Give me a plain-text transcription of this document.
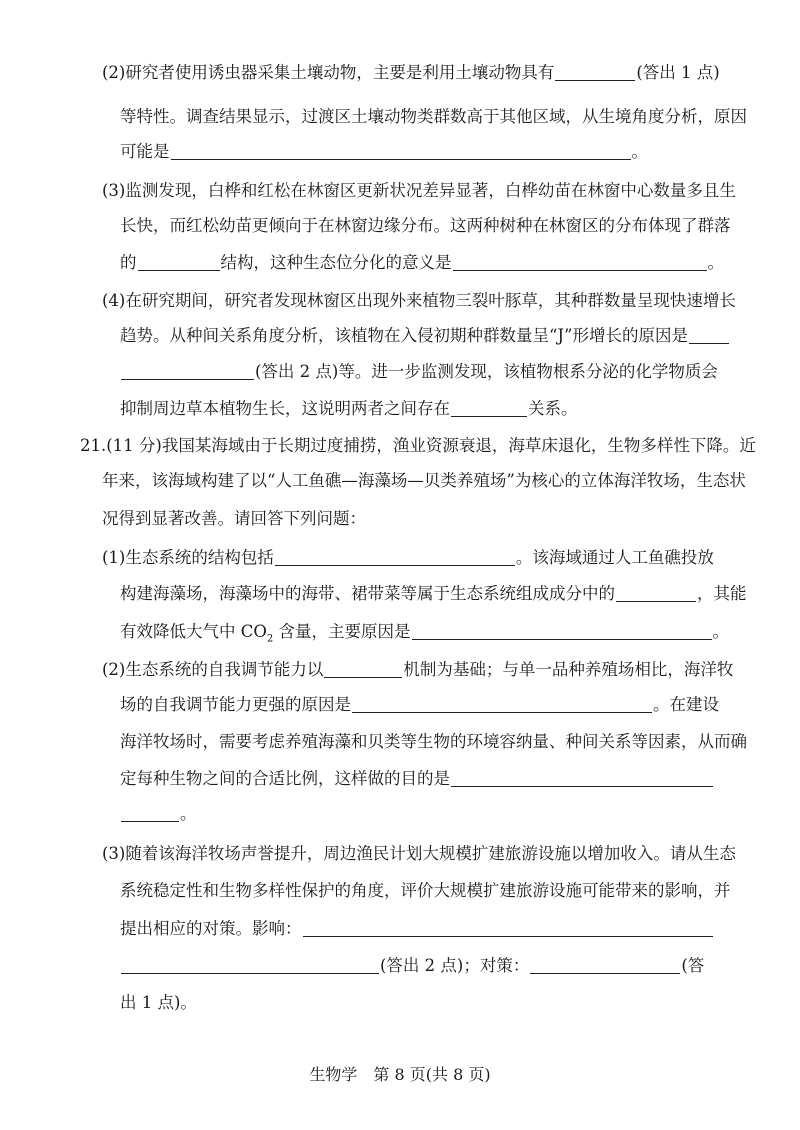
(2)研究者使用诱虫器采集土壤动物，主要是利用土壤动物具有	(答出 1 点)
等特性。调查结果显示，过渡区土壤动物类群数高于其他区域，从生境角度分析，原因
可能是	。
(3)监测发现，白桦和红松在林窗区更新状况差异显著，白桦幼苗在林窗中心数量多且生
长快，而红松幼苗更倾向于在林窗边缘分布。这两种树种在林窗区的分布体现了群落
的	结构，这种生态位分化的意义是	。
(4)在研究期间，研究者发现林窗区出现外来植物三裂叶豚草，其种群数量呈现快速增长
趋势。从种间关系角度分析，该植物在入侵初期种群数量呈“J”形增长的原因是
(答出 2 点)等。进一步监测发现，该植物根系分泌的化学物质会
抑制周边草本植物生长，这说明两者之间存在	关系。
21.(11 分)我国某海域由于长期过度捕捞，渔业资源衰退，海草床退化，生物多样性下降。近
年来，该海域构建了以“人工鱼礁—海藻场—贝类养殖场”为核心的立体海洋牧场，生态状
况得到显著改善。请回答下列问题：
(1)生态系统的结构包括	。该海域通过人工鱼礁投放
构建海藻场，海藻场中的海带、裙带菜等属于生态系统组成成分中的	，其能
有效降低大气中 $CO_2$ 含量，主要原因是	。
(2)生态系统的自我调节能力以	机制为基础；与单一品种养殖场相比，海洋牧
场的自我调节能力更强的原因是	。在建设
海洋牧场时，需要考虑养殖海藻和贝类等生物的环境容纳量、种间关系等因素，从而确
定每种生物之间的合适比例，这样做的目的是
。
(3)随着该海洋牧场声誉提升，周边渔民计划大规模扩建旅游设施以增加收入。请从生态
系统稳定性和生物多样性保护的角度，评价大规模扩建旅游设施可能带来的影响，并
提出相应的对策。影响：
(答出 2 点)；对策：	(答
出 1 点)。
生物学　第 8 页(共 8 页)
